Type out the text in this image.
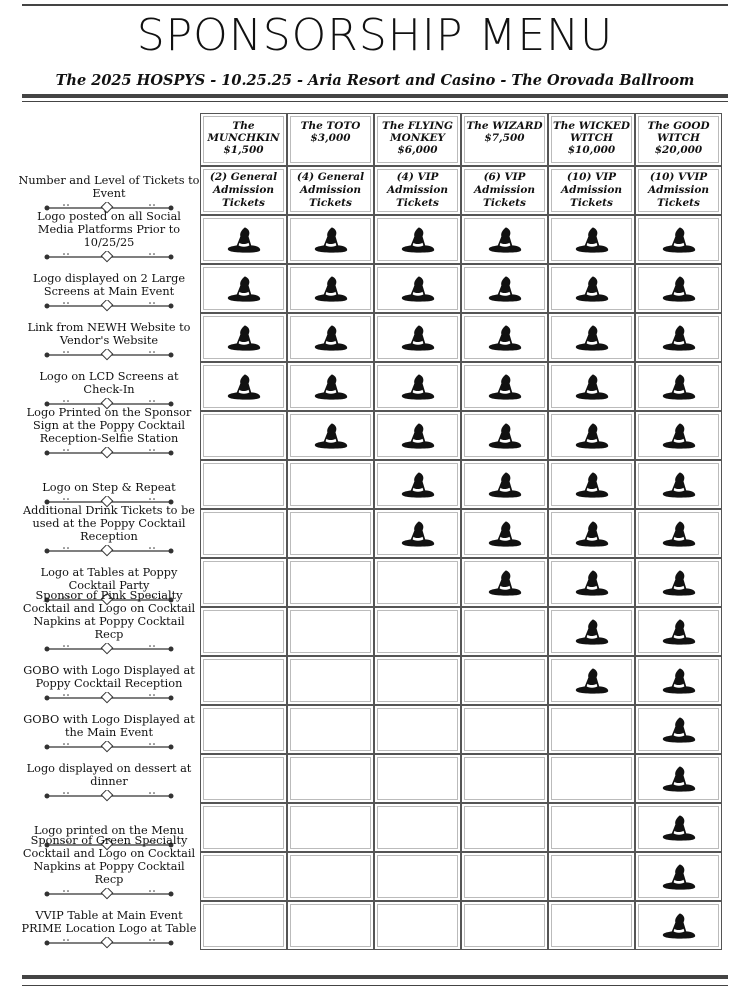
SPONSORSHIP MENU
The 2025 HOSPYS - 10.25.25 - Aria Resort and Casino - The Orovada Ballroom
The MUNCHKIN
$1,500
The TOTO
$3,000
The FLYING MONKEY
$6,000
The WIZARD
$7,500
The WICKED WITCH
$10,000
The GOOD WITCH
$20,000
(2) General Admission Tickets
(4) General Admission Tickets
(4) VIP Admission Tickets
(6) VIP Admission Tickets
(10) VIP Admission Tickets
(10) VVIP Admission Tickets
Number and Level of Tickets to Event
Logo posted on all Social Media Platforms Prior to 10/25/25
Logo displayed on 2 Large Screens at Main Event
Link from NEWH Website to Vendor's Website
Logo on LCD Screens at Check-In
Logo Printed on the Sponsor Sign at the Poppy Cocktail Reception-Selfie Station
Logo on Step & Repeat
Additional Drink Tickets to be used at the Poppy Cocktail Reception
Logo at Tables at Poppy Cocktail Party
Sponsor of Pink Specialty Cocktail and Logo on Cocktail Napkins at Poppy Cocktail Recp
GOBO with Logo Displayed at Poppy Cocktail Reception
GOBO with Logo Displayed at the Main Event
Logo displayed on dessert at dinner
Logo printed on the Menu
Sponsor of Green Specialty Cocktail and Logo on Cocktail Napkins at Poppy Cocktail Recp
VVIP Table at Main Event PRIME Location Logo at Table
